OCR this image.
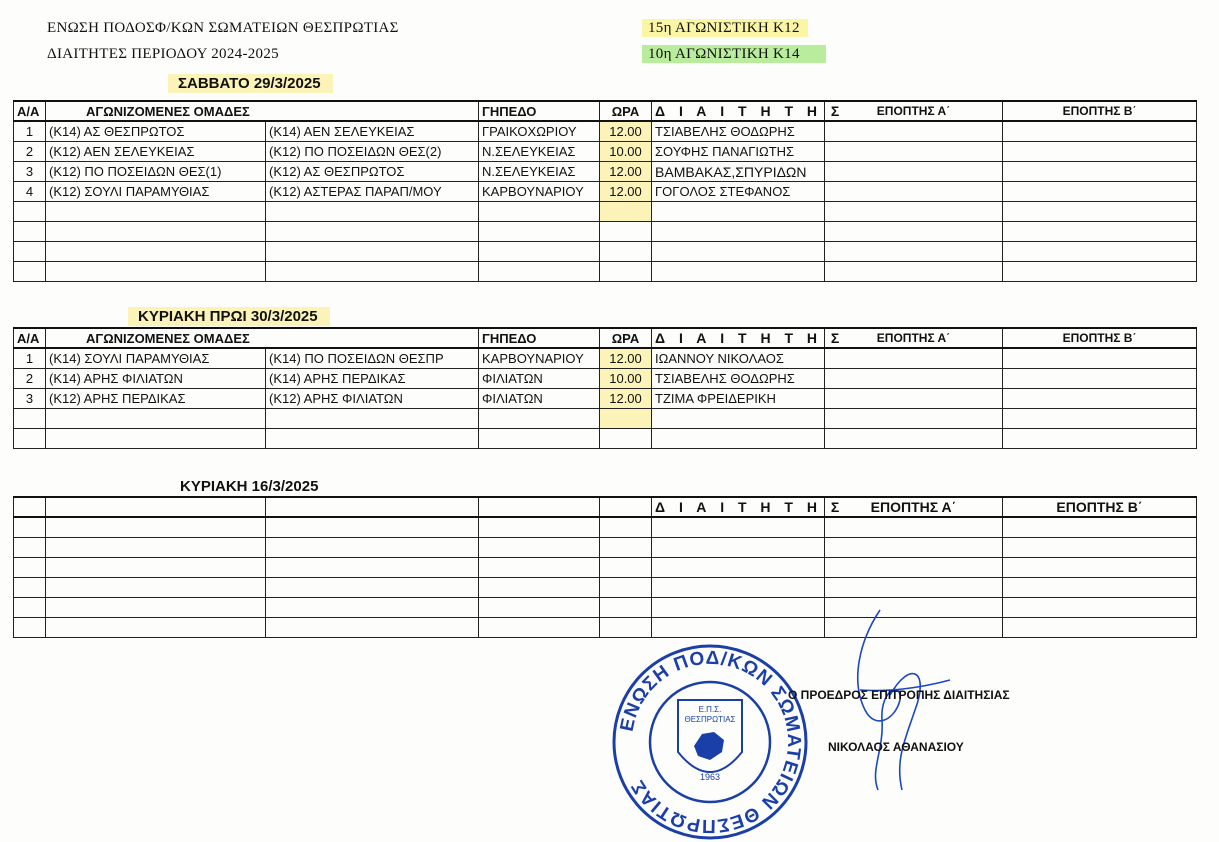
ΕΝΩΣΗ ΠΟΔΟΣΦ/ΚΩΝ ΣΩΜΑΤΕΙΩΝ ΘΕΣΠΡΩΤΙΑΣ
ΔΙΑΙΤΗΤΕΣ ΠΕΡΙΟΔΟΥ 2024-2025
15η ΑΓΩΝΙΣΤΙΚΗ Κ12
10η ΑΓΩΝΙΣΤΙΚΗ Κ14
ΣΑΒΒΑΤΟ 29/3/2025
Α/Α	ΑΓΩΝΙΖΟΜΕΝΕΣ ΟΜΑΔΕΣ		ΓΗΠΕΔΟ	ΩΡΑ	Δ Ι Α Ι Τ Η Τ Η Σ	ΕΠΟΠΤΗΣ Α΄	ΕΠΟΠΤΗΣ Β΄
1	(Κ14) ΑΣ ΘΕΣΠΡΩΤΟΣ	(Κ14) ΑΕΝ ΣΕΛΕΥΚΕΙΑΣ	ΓΡΑΙΚΟΧΩΡΙΟΥ	12.00	ΤΣΙΑΒΕΛΗΣ ΘΟΔΩΡΗΣ		
2	(Κ12) ΑΕΝ ΣΕΛΕΥΚΕΙΑΣ	(Κ12) ΠΟ ΠΟΣΕΙΔΩΝ ΘΕΣ(2)	Ν.ΣΕΛΕΥΚΕΙΑΣ	10.00	ΣΟΥΦΗΣ ΠΑΝΑΓΙΩΤΗΣ		
3	(Κ12) ΠΟ ΠΟΣΕΙΔΩΝ ΘΕΣ(1)	(Κ12) ΑΣ ΘΕΣΠΡΩΤΟΣ	Ν.ΣΕΛΕΥΚΕΙΑΣ	12.00	ΒΑΜΒΑΚΑΣ,ΣΠΥΡΙΔΩΝ		
4	(Κ12) ΣΟΥΛΙ ΠΑΡΑΜΥΘΙΑΣ	(Κ12) ΑΣΤΕΡΑΣ ΠΑΡΑΠ/ΜΟΥ	ΚΑΡΒΟΥΝΑΡΙΟΥ	12.00	ΓΟΓΟΛΟΣ ΣΤΕΦΑΝΟΣ		

ΚΥΡΙΑΚΗ ΠΡΩΙ 30/3/2025
Α/Α	ΑΓΩΝΙΖΟΜΕΝΕΣ ΟΜΑΔΕΣ		ΓΗΠΕΔΟ	ΩΡΑ	Δ Ι Α Ι Τ Η Τ Η Σ	ΕΠΟΠΤΗΣ Α΄	ΕΠΟΠΤΗΣ Β΄
1	(Κ14) ΣΟΥΛΙ ΠΑΡΑΜΥΘΙΑΣ	(Κ14) ΠΟ ΠΟΣΕΙΔΩΝ ΘΕΣΠΡ	ΚΑΡΒΟΥΝΑΡΙΟΥ	12.00	ΙΩΑΝΝΟΥ ΝΙΚΟΛΑΟΣ		
2	(Κ14) ΑΡΗΣ ΦΙΛΙΑΤΩΝ	(Κ14) ΑΡΗΣ ΠΕΡΔΙΚΑΣ	ΦΙΛΙΑΤΩΝ	10.00	ΤΣΙΑΒΕΛΗΣ ΘΟΔΩΡΗΣ		
3	(Κ12) ΑΡΗΣ ΠΕΡΔΙΚΑΣ	(Κ12) ΑΡΗΣ ΦΙΛΙΑΤΩΝ	ΦΙΛΙΑΤΩΝ	12.00	ΤΖΙΜΑ ΦΡΕΙΔΕΡΙΚΗ		

ΚΥΡΙΑΚΗ 16/3/2025
					Δ Ι Α Ι Τ Η Τ Η Σ	ΕΠΟΠΤΗΣ Α΄	ΕΠΟΠΤΗΣ Β΄

ΕΝΩΣΗ ΠΟΔ/ΚΩΝ ΣΩΜΑΤΕΙΩΝ ΘΕΣΠΡΩΤΙΑΣ
Ε.Π.Σ.
ΘΕΣΠΡΩΤΙΑΣ
1963
Ο ΠΡΟΕΔΡΟΣ ΕΠΙΤΡΟΠΗΣ ΔΙΑΙΤΗΣΙΑΣ
ΝΙΚΟΛΑΟΣ ΑΘΑΝΑΣΙΟΥ
